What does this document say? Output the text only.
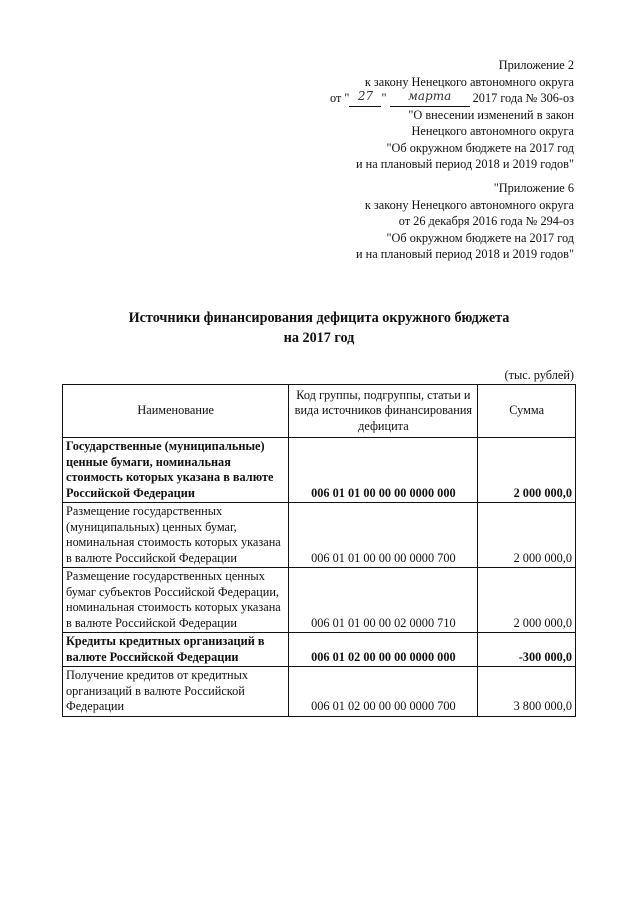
Приложение 2
к закону Ненецкого автономного округа
от " 27 " марта 2017 года № 306-оз
"О внесении изменений в закон
Ненецкого автономного округа
"Об окружном бюджете на 2017 год
и на плановый период 2018 и 2019 годов"
"Приложение 6
к закону Ненецкого автономного округа
от 26 декабря 2016 года № 294-оз
"Об окружном бюджете на 2017 год
и на плановый период 2018 и 2019 годов"
Источники финансирования дефицита окружного бюджета
на 2017 год
(тыс. рублей)
Наименование	Код группы, подгруппы, статьи и вида источников финансирования дефицита	Сумма
Государственные (муниципальные) ценные бумаги, номинальная стоимость которых указана в валюте Российской Федерации	006 01 01 00 00 00 0000 000	2 000 000,0
Размещение государственных (муниципальных) ценных бумаг, номинальная стоимость которых указана в валюте Российской Федерации	006 01 01 00 00 00 0000 700	2 000 000,0
Размещение государственных ценных бумаг субъектов Российской Федерации, номинальная стоимость которых указана в валюте Российской Федерации	006 01 01 00 00 02 0000 710	2 000 000,0
Кредиты кредитных организаций в валюте Российской Федерации	006 01 02 00 00 00 0000 000	-300 000,0
Получение кредитов от кредитных организаций в валюте Российской Федерации	006 01 02 00 00 00 0000 700	3 800 000,0
